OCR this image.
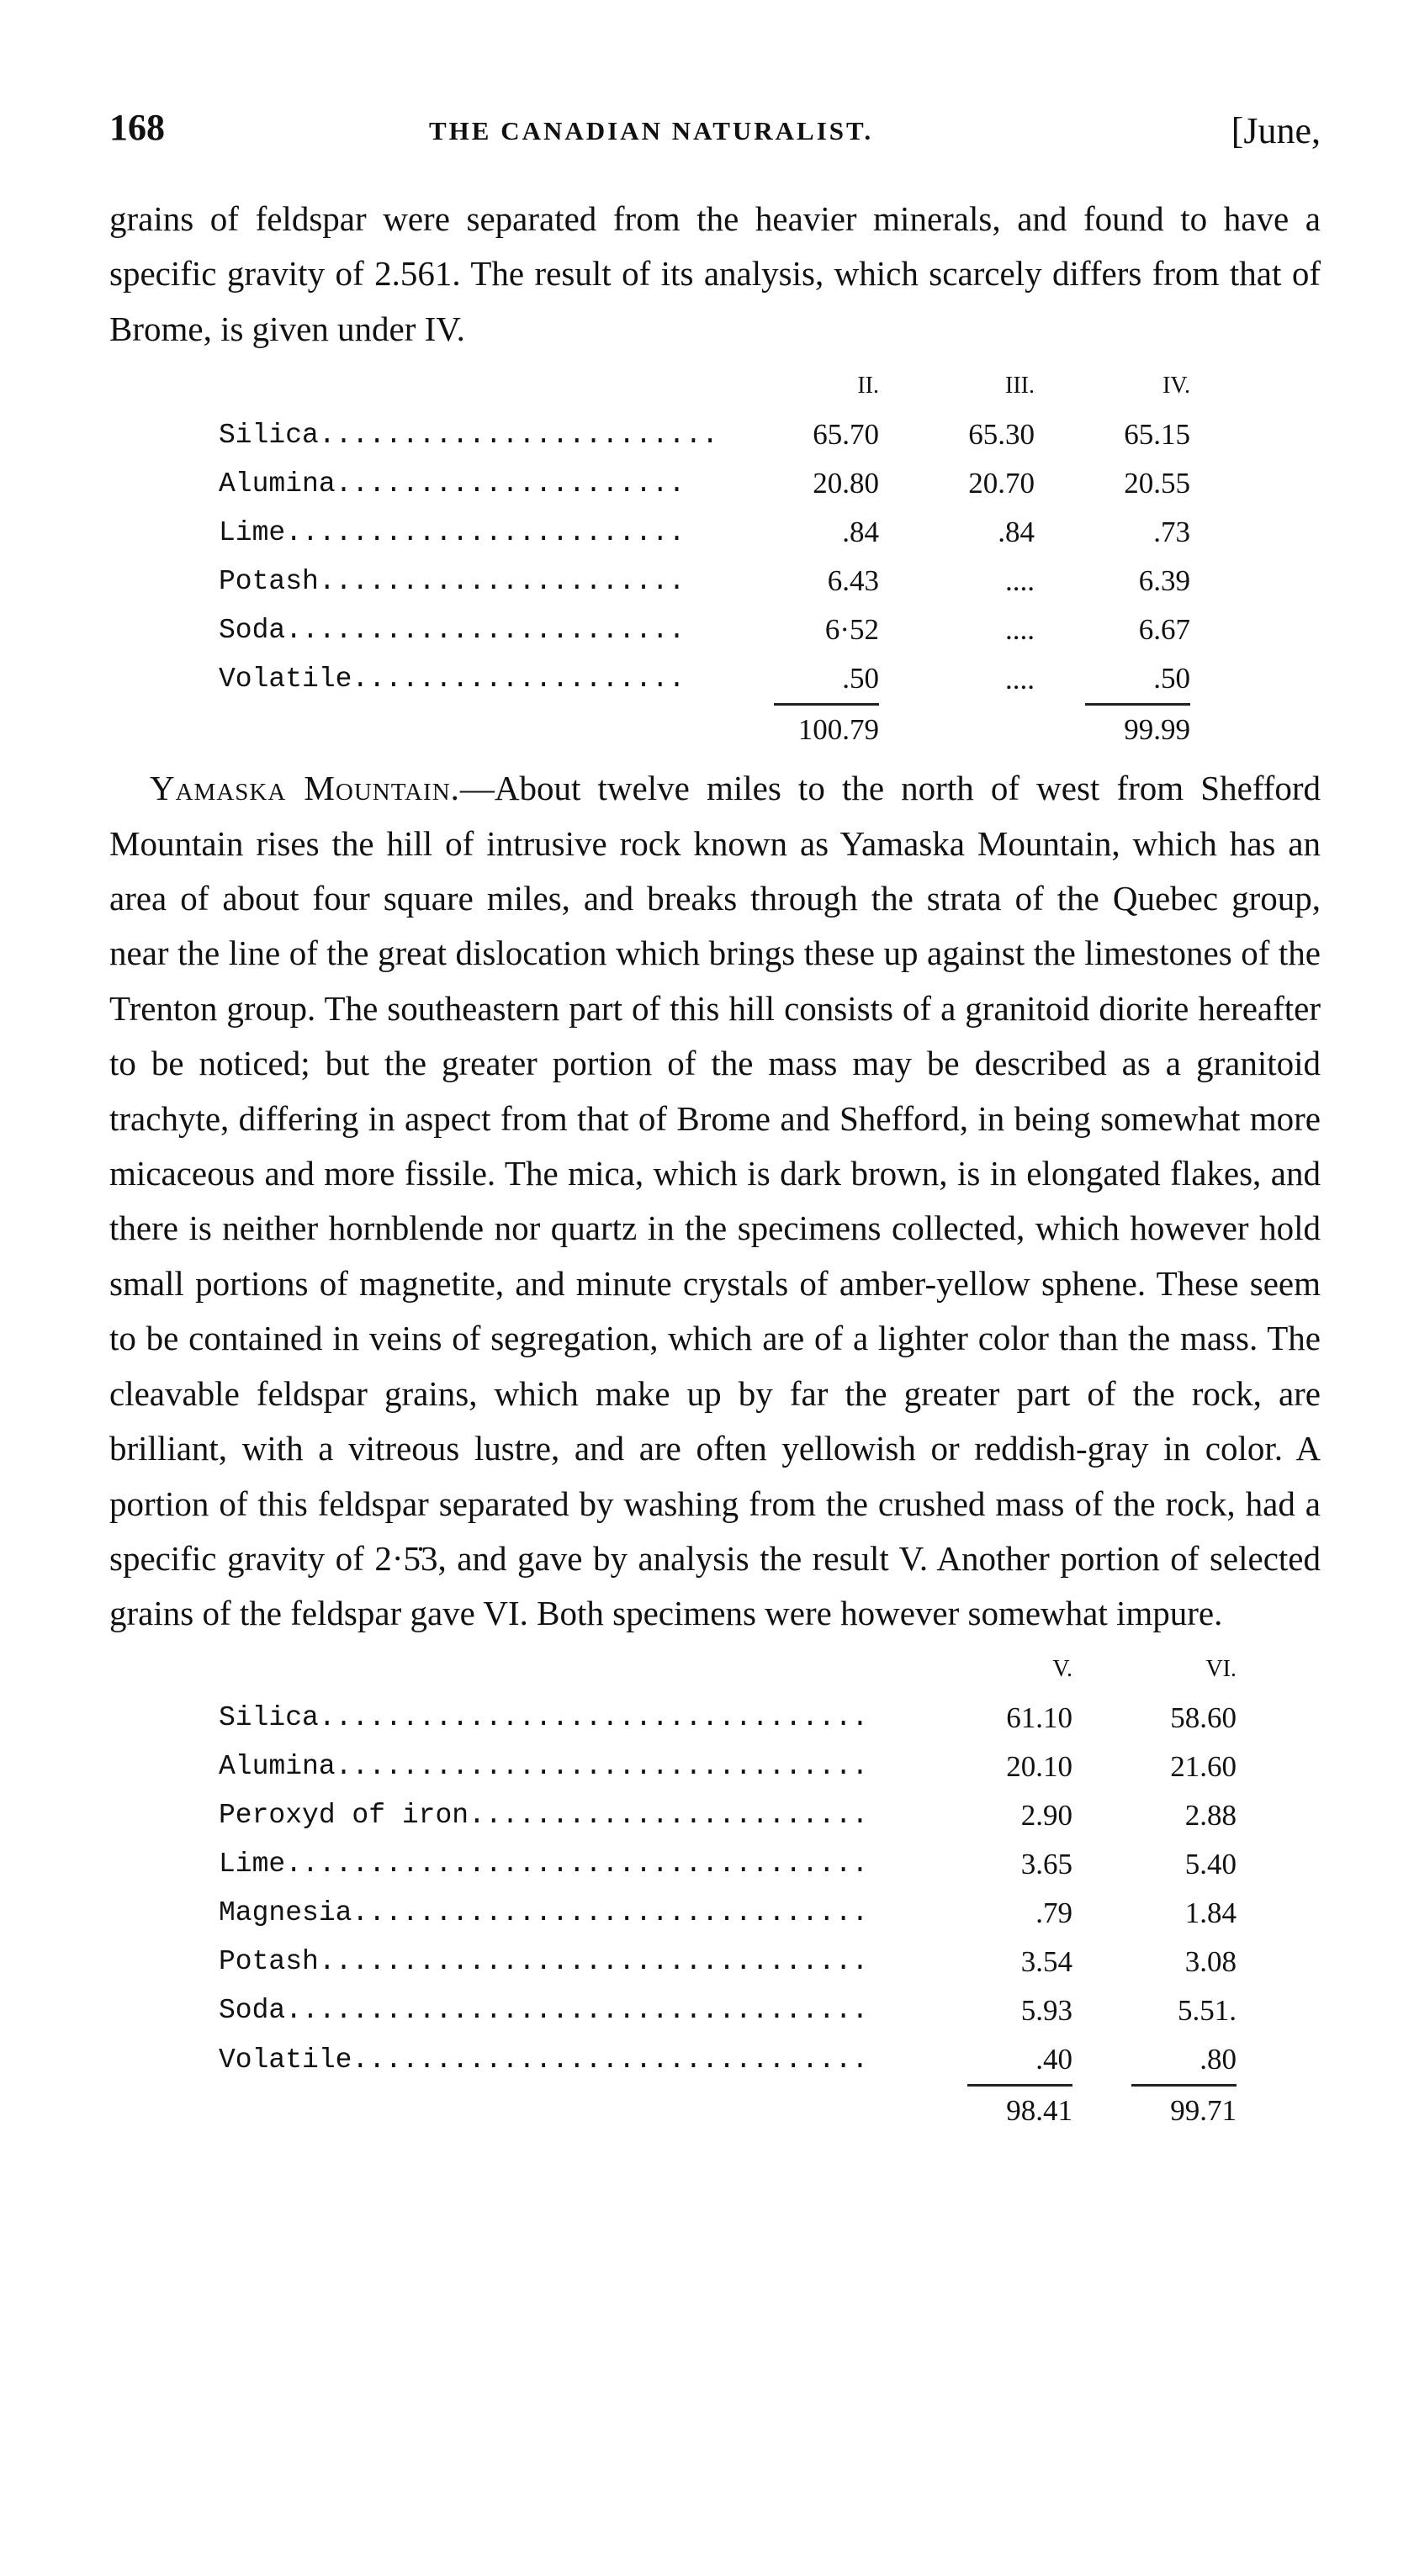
168	THE CANADIAN NATURALIST.	[June,

grains of feldspar were separated from the heavier minerals, and found to have a specific gravity of 2.561. The result of its analysis, which scarcely differs from that of Brome, is given under IV.

	II.		III.		IV.
Silica........................	65.70		65.30		65.15
Alumina.....................	20.80		20.70		20.55
Lime........................	.84		.84		.73
Potash......................	6.43		....		6.39
Soda........................	6·52		....		6.67
Volatile....................	.50		....		.50
	100.79				99.99

Yamaska Mountain.—About twelve miles to the north of west from Shefford Mountain rises the hill of intrusive rock known as Yamaska Mountain, which has an area of about four square miles, and breaks through the strata of the Quebec group, near the line of the great dislocation which brings these up against the limestones of the Trenton group. The southeastern part of this hill consists of a granitoid diorite hereafter to be noticed; but the greater portion of the mass may be described as a granitoid trachyte, differing in aspect from that of Brome and Shefford, in being somewhat more micaceous and more fissile. The mica, which is dark brown, is in elongated flakes, and there is neither hornblende nor quartz in the specimens collected, which however hold small portions of magnetite, and minute crystals of amber-yellow sphene. These seem to be contained in veins of segregation, which are of a lighter color than the mass. The cleavable feldspar grains, which make up by far the greater part of the rock, are brilliant, with a vitreous lustre, and are often yellowish or reddish-gray in color. A portion of this feldspar separated by washing from the crushed mass of the rock, had a specific gravity of 2·5̇3, and gave by analysis the result V. Another portion of selected grains of the feldspar gave VI. Both specimens were however somewhat impure.

	V.		VI.
Silica.................................	61.10		58.60
Alumina................................	20.10		21.60
Peroxyd of iron........................	2.90		2.88
Lime...................................	3.65		5.40
Magnesia...............................	.79		1.84
Potash.................................	3.54		3.08
Soda...................................	5.93		5.51.
Volatile...............................	.40		.80
	98.41		99.71
